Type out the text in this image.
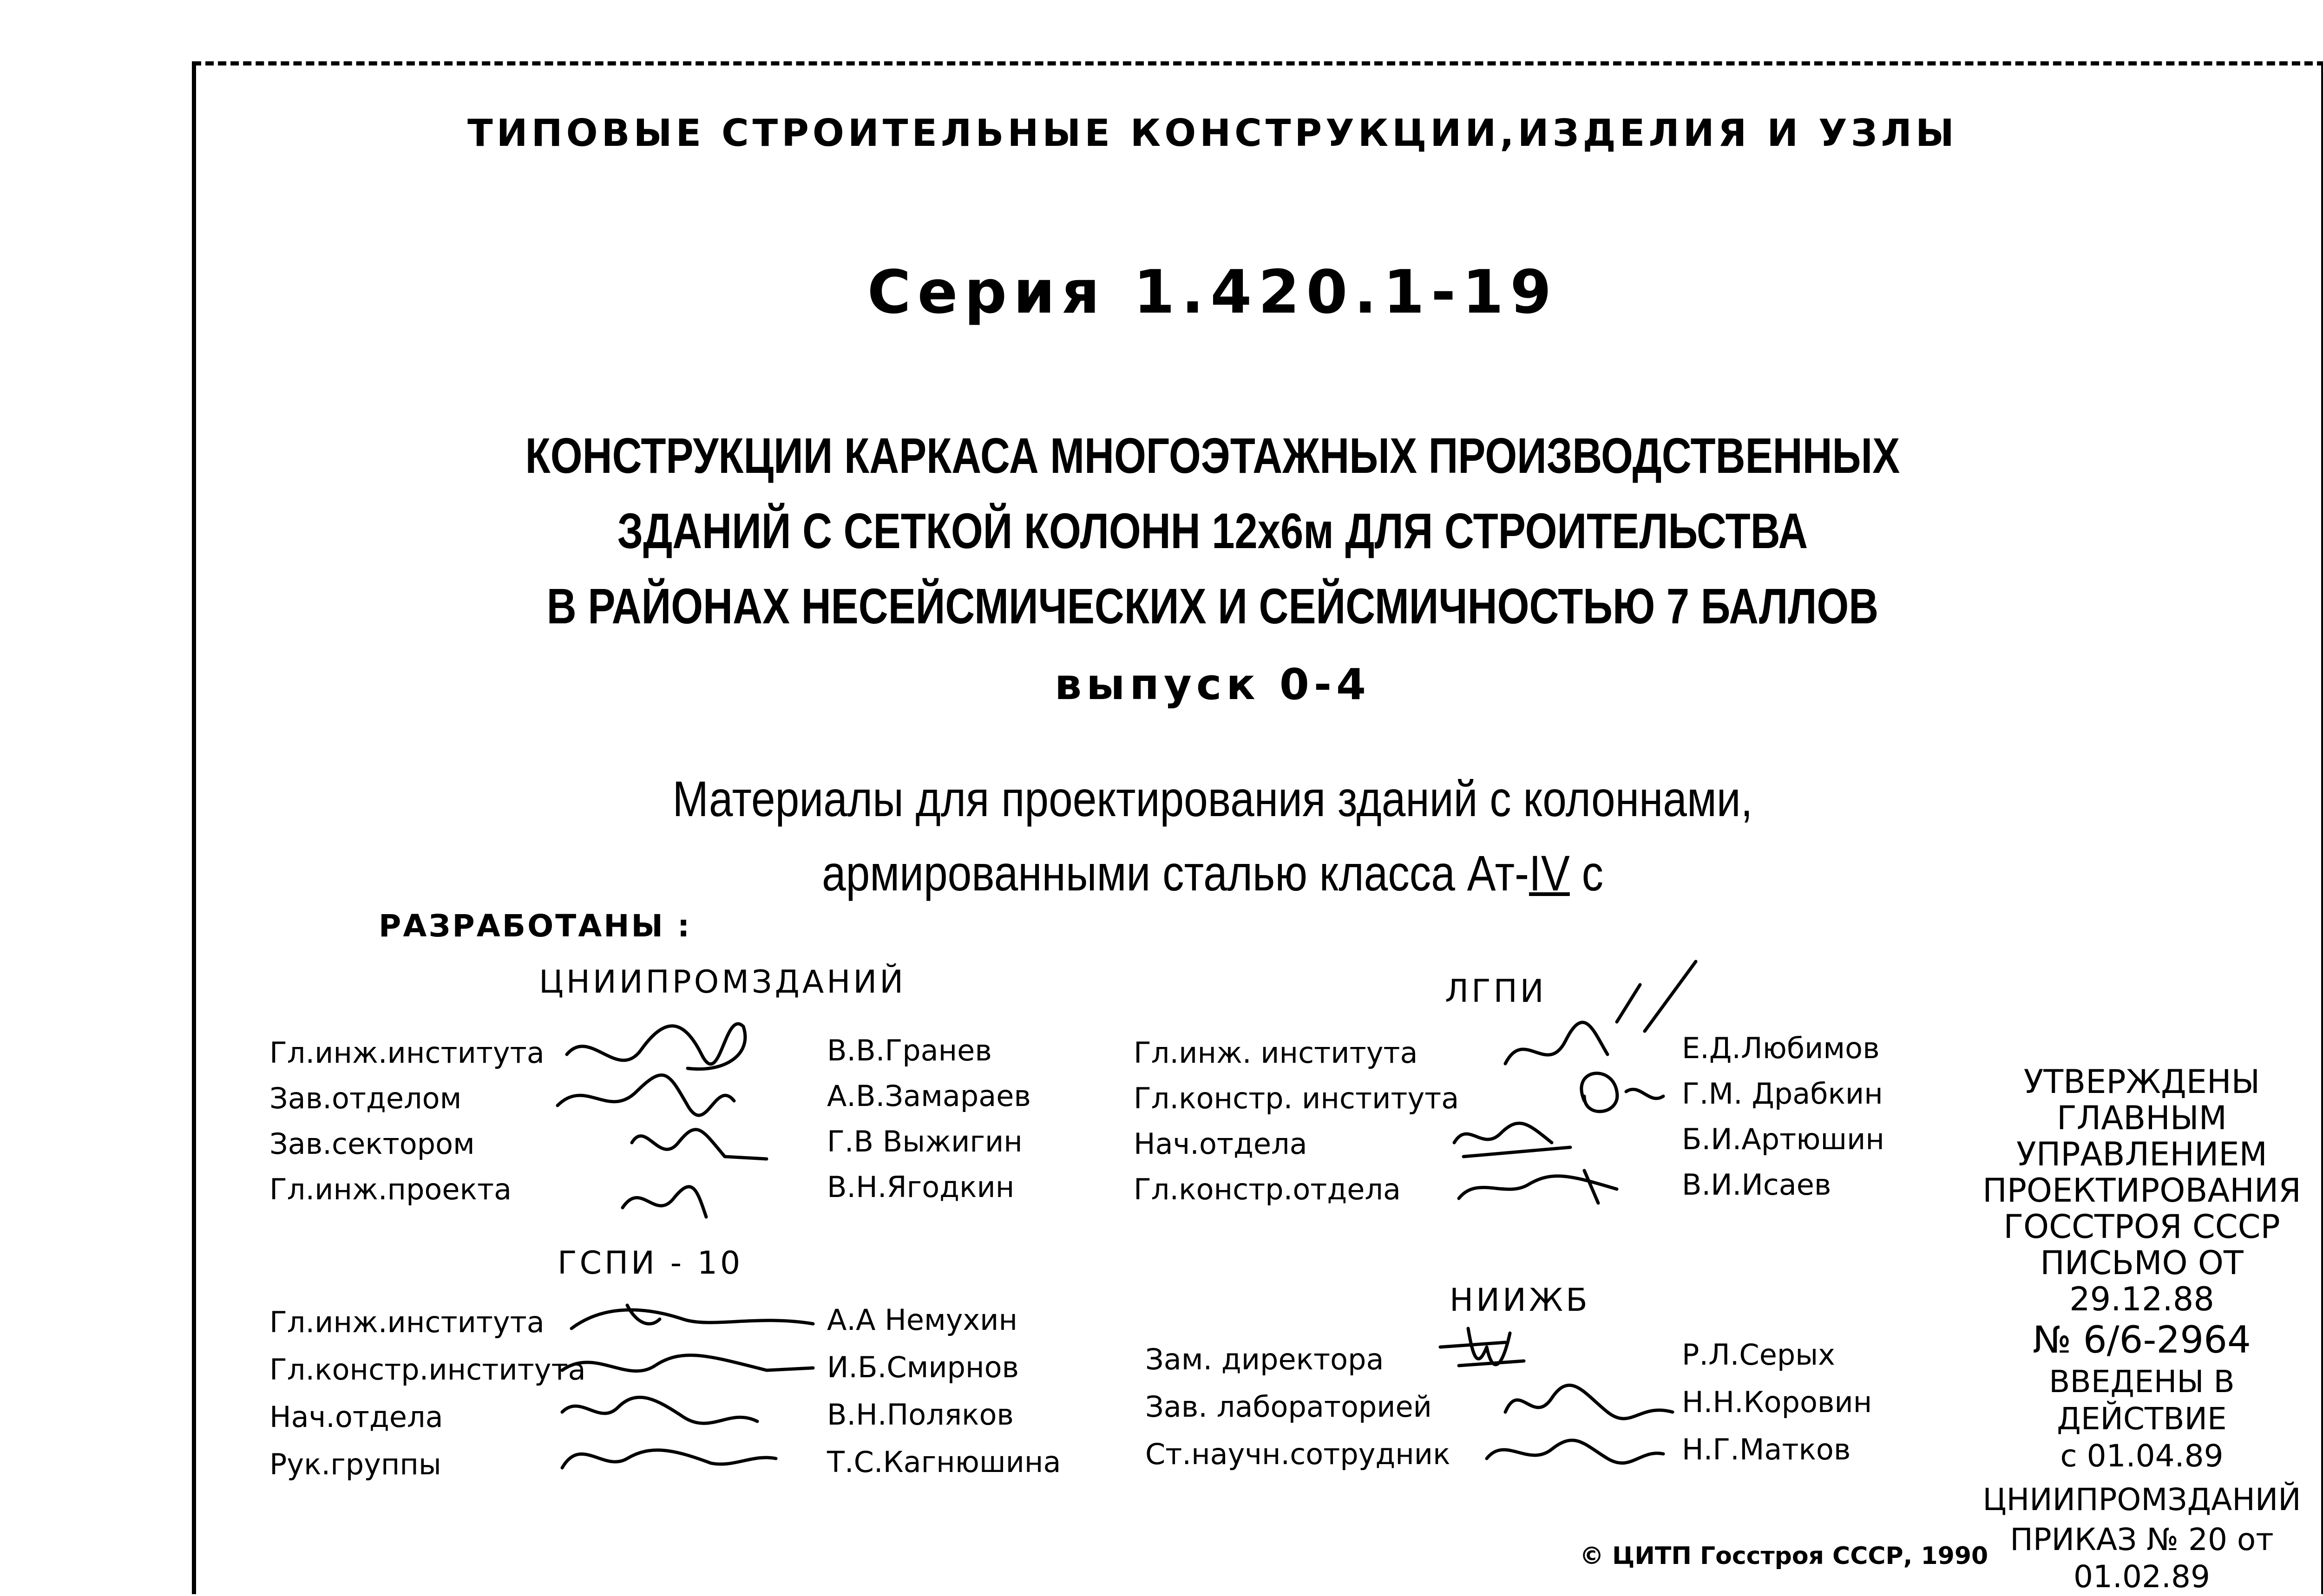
ТИПОВЫЕ СТРОИТЕЛЬНЫЕ КОНСТРУКЦИИ,ИЗДЕЛИЯ И УЗЛЫ
Серия 1.420.1-19
КОНСТРУКЦИИ КАРКАСА МНОГОЭТАЖНЫХ ПРОИЗВОДСТВЕННЫХ
ЗДАНИЙ С СЕТКОЙ КОЛОНН 12х6м ДЛЯ СТРОИТЕЛЬСТВА
В РАЙОНАХ НЕСЕЙСМИЧЕСКИХ И СЕЙСМИЧНОСТЬЮ 7 БАЛЛОВ
выпуск 0-4
Материалы для проектирования зданий с колоннами,
армированными сталью класса Ат-IV с
РАЗРАБОТАНЫ :
ЦНИИПРОМЗДАНИЙ
Гл.инж.института
Зав.отделом
Зав.сектором
Гл.инж.проекта
В.В.Гранев
А.В.Замараев
Г.В Выжигин
В.Н.Ягодкин
ГСПИ - 10
Гл.инж.института
Гл.констр.института
Нач.отдела
Рук.группы
А.А Немухин
И.Б.Смирнов
В.Н.Поляков
Т.С.Кагнюшина
ЛГПИ
Гл.инж. института
Гл.констр. института
Нач.отдела
Гл.констр.отдела
Е.Д.Любимов
Г.М. Драбкин
Б.И.Артюшин
В.И.Исаев
НИИЖБ
Зам. директора
Зав. лабораторией
Ст.научн.сотрудник
Р.Л.Серых
Н.Н.Коровин
Н.Г.Матков
УТВЕРЖДЕНЫ
ГЛАВНЫМ
УПРАВЛЕНИЕМ
ПРОЕКТИРОВАНИЯ
ГОССТРОЯ СССР
ПИСЬМО ОТ 29.12.88
№ 6/6-2964
ВВЕДЕНЫ В ДЕЙСТВИЕ
с 01.04.89
ЦНИИПРОМЗДАНИЙ
ПРИКАЗ № 20 от 01.02.89
© ЦИТП Госстроя СССР, 1990
